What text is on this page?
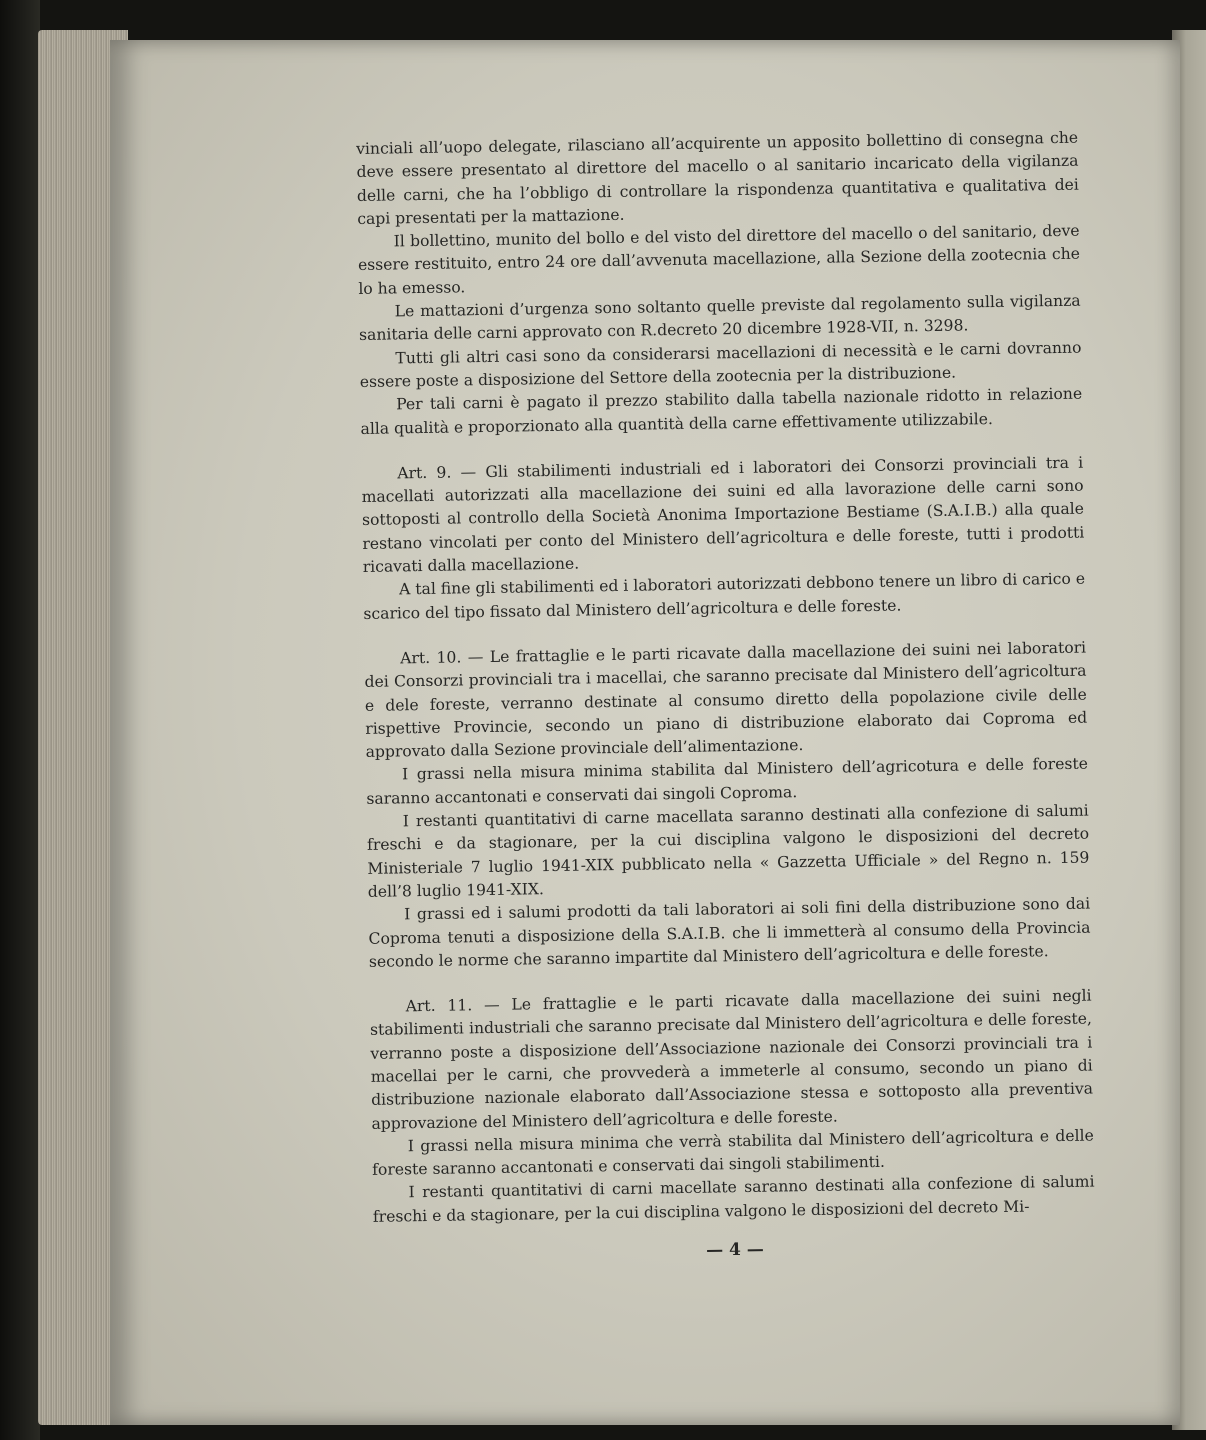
vinciali all’uopo delegate, rilasciano all’acquirente un apposito bollettino di consegna che deve essere presentato al direttore del macello o al sanitario incaricato della vigilanza delle carni, che ha l’obbligo di controllare la rispondenza quantitativa e qualitativa dei capi presentati per la mattazione.

Il bollettino, munito del bollo e del visto del direttore del macello o del sanitario, deve essere restituito, entro 24 ore dall’avvenuta macellazione, alla Sezione della zootecnia che lo ha emesso.

Le mattazioni d’urgenza sono soltanto quelle previste dal regolamento sulla vigilanza sanitaria delle carni approvato con R.decreto 20 dicembre 1928-VII, n. 3298.

Tutti gli altri casi sono da considerarsi macellazioni di necessità e le carni dovranno essere poste a disposizione del Settore della zootecnia per la distribuzione.

Per tali carni è pagato il prezzo stabilito dalla tabella nazionale ridotto in relazione alla qualità e proporzionato alla quantità della carne effettivamente utilizzabile.

Art. 9. — Gli stabilimenti industriali ed i laboratori dei Consorzi provinciali tra i macellati autorizzati alla macellazione dei suini ed alla lavorazione delle carni sono sottoposti al controllo della Società Anonima Importazione Bestiame (S.A.I.B.) alla quale restano vincolati per conto del Ministero dell’agricoltura e delle foreste, tutti i prodotti ricavati dalla macellazione.

A tal fine gli stabilimenti ed i laboratori autorizzati debbono tenere un libro di carico e scarico del tipo fissato dal Ministero dell’agricoltura e delle foreste.

Art. 10. — Le frattaglie e le parti ricavate dalla macellazione dei suini nei laboratori dei Consorzi provinciali tra i macellai, che saranno precisate dal Ministero dell’agricoltura e dele foreste, verranno destinate al consumo diretto della popolazione civile delle rispettive Provincie, secondo un piano di distribuzione elaborato dai Coproma ed approvato dalla Sezione provinciale dell’alimentazione.

I grassi nella misura minima stabilita dal Ministero dell’agricotura e delle foreste saranno accantonati e conservati dai singoli Coproma.

I restanti quantitativi di carne macellata saranno destinati alla confezione di salumi freschi e da stagionare, per la cui disciplina valgono le disposizioni del decreto Ministeriale 7 luglio 1941-XIX pubblicato nella « Gazzetta Ufficiale » del Regno n. 159 dell’8 luglio 1941-XIX.

I grassi ed i salumi prodotti da tali laboratori ai soli fini della distribuzione sono dai Coproma tenuti a disposizione della S.A.I.B. che li immetterà al consumo della Provincia secondo le norme che saranno impartite dal Ministero dell’agricoltura e delle foreste.

Art. 11. — Le frattaglie e le parti ricavate dalla macellazione dei suini negli stabilimenti industriali che saranno precisate dal Ministero dell’agricoltura e delle foreste, verranno poste a disposizione dell’Associazione nazionale dei Consorzi provinciali tra i macellai per le carni, che provvederà a immeterle al consumo, secondo un piano di distribuzione nazionale elaborato dall’Associazione stessa e sottoposto alla preventiva approvazione del Ministero dell’agricoltura e delle foreste.

I grassi nella misura minima che verrà stabilita dal Ministero dell’agricoltura e delle foreste saranno accantonati e conservati dai singoli stabilimenti.

I restanti quantitativi di carni macellate saranno destinati alla confezione di salumi freschi e da stagionare, per la cui disciplina valgono le disposizioni del decreto Mi-

— 4 —
